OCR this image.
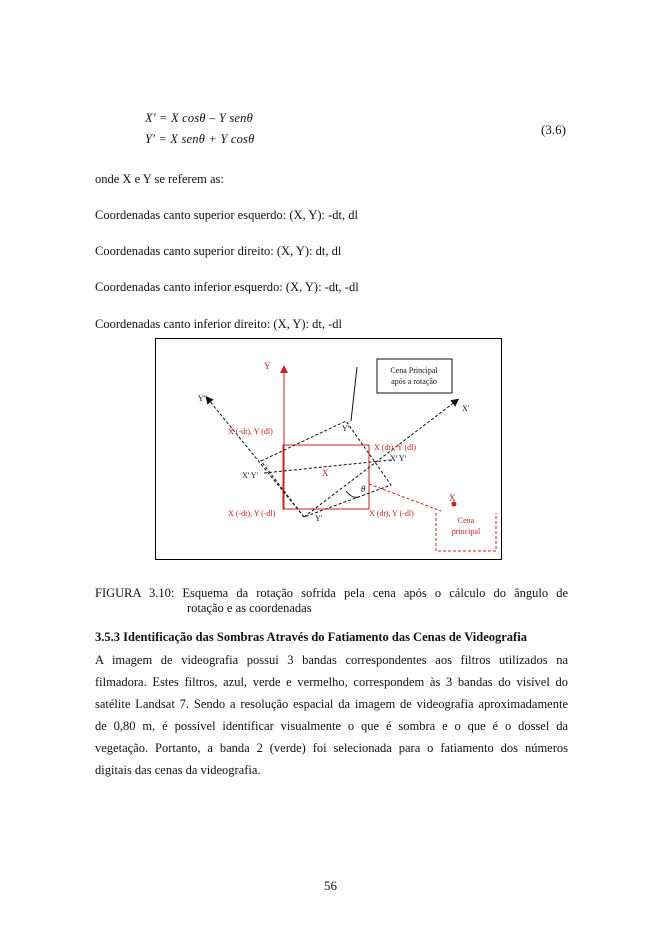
X' = X cosθ – Y senθ
Y' = X senθ + Y cosθ
(3.6)
onde X e Y se referem as:
Coordenadas canto superior esquerdo: (X, Y): -dt, dl
Coordenadas canto superior direito: (X, Y): dt, dl
Coordenadas canto inferior esquerdo: (X, Y): -dt, -dl
Coordenadas canto inferior direito: (X, Y): dt, -dl
Cena Principal
após a rotação
Cena
principal
Y
Y'
X'
X
X (-dt), Y (dl)
X (dt), Y (dl)
X (-dt), Y (-dl)	X (dt), Y (-dl)
X
X' Y'
X' Y'
Y'
Y'
θ
FIGURA 3.10: Esquema da rotação sofrida pela cena após o cálculo do ângulo de
rotação e as coordenadas
3.5.3 Identificação das Sombras Através do Fatiamento das Cenas de Videografia
A imagem de videografia possui 3 bandas correspondentes aos filtros utilizados na
filmadora. Estes filtros, azul, verde e vermelho, correspondem às 3 bandas do visível do
satélite Landsat 7. Sendo a resolução espacial da imagem de videografia aproximadamente
de 0,80 m, é possível identificar visualmente o que é sombra e o que é o dossel da
vegetação. Portanto, a banda 2 (verde) foi selecionada para o fatiamento dos números
digitais das cenas da videografia.
56
